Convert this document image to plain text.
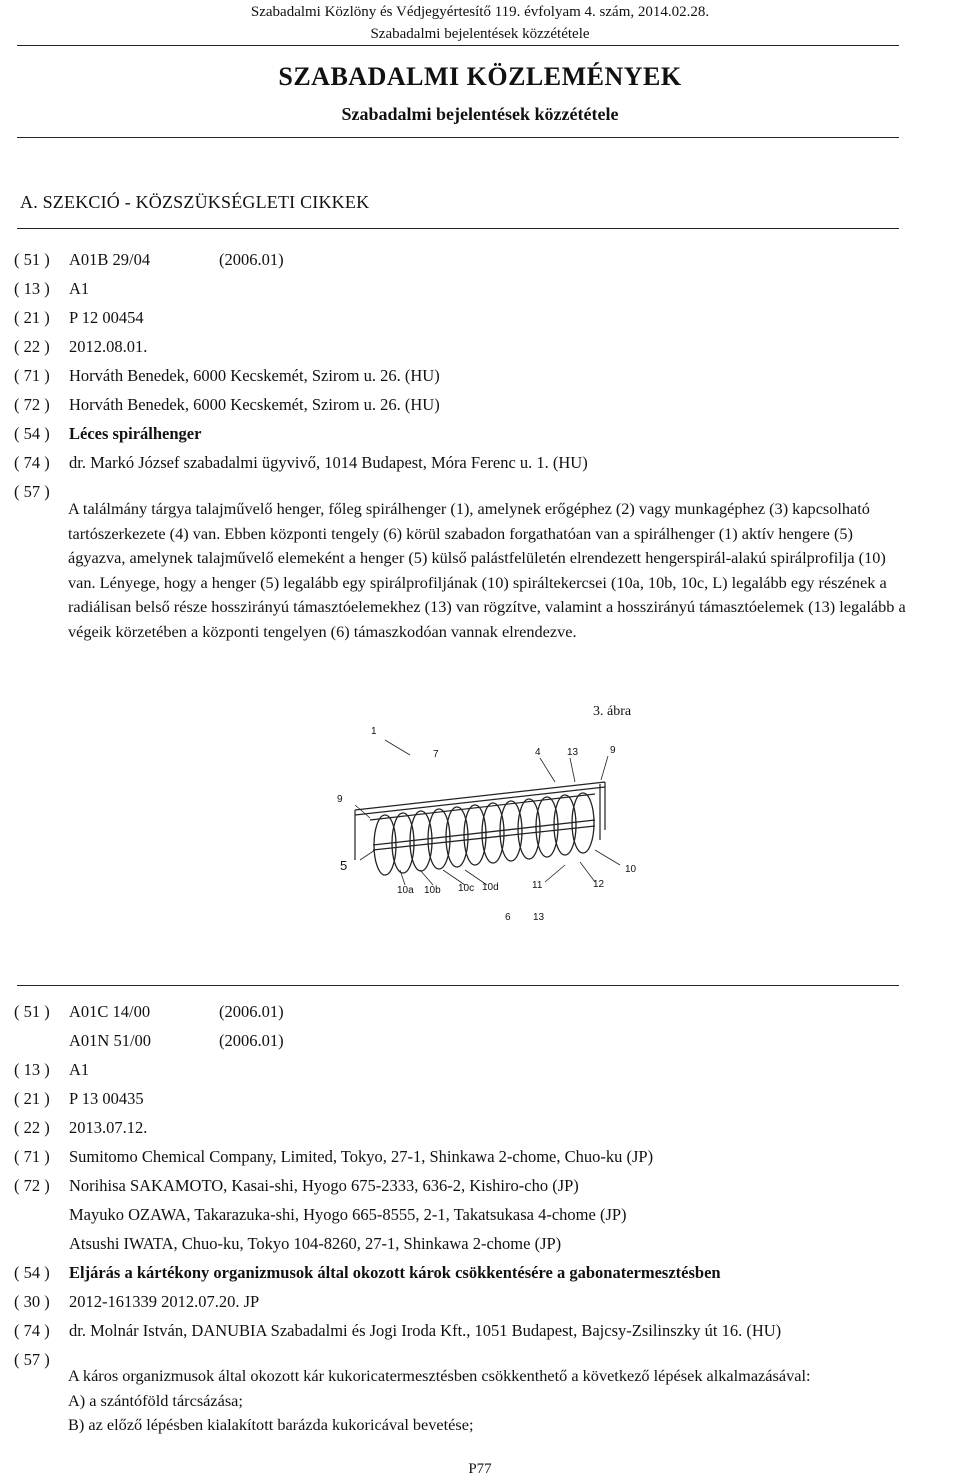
Szabadalmi Közlöny és Védjegyértesítő 119. évfolyam 4. szám, 2014.02.28.
Szabadalmi bejelentések közzététele
SZABADALMI KÖZLEMÉNYEK
Szabadalmi bejelentések közzététele
A. SZEKCIÓ - KÖZSZÜKSÉGLETI CIKKEK
( 51 )	A01B 29/04	(2006.01)
( 13 )	A1
( 21 )	P 12 00454
( 22 )	2012.08.01.
( 71 )	Horváth Benedek, 6000 Kecskemét, Szirom u. 26. (HU)
( 72 )	Horváth Benedek, 6000 Kecskemét, Szirom u. 26. (HU)
( 54 )	Léces spirálhenger
( 74 )	dr. Markó József szabadalmi ügyvivő, 1014 Budapest, Móra Ferenc u. 1. (HU)
( 57 )

A találmány tárgya talajművelő henger, főleg spirálhenger (1), amelynek erőgéphez (2) vagy munkagéphez (3) kapcsolható tartószerkezete (4) van. Ebben központi tengely (6) körül szabadon forgathatóan van a spirálhenger (1) aktív hengere (5) ágyazva, amelynek talajművelő elemeként a henger (5) külső palástfelületén elrendezett hengerspirál-alakú spirálprofilja (10) van. Lényege, hogy a henger (5) legalább egy spirálprofiljának (10) spiráltekercsei (10a, 10b, 10c, L) legalább egy részének a radiálisan belső része hosszirányú támasztóelemekhez (13) van rögzítve, valamint a hosszirányú támasztóelemek (13) legalább a végeik körzetében a központi tengelyen (6) támaszkodóan vannak elrendezve.

3. ábra
1
7	4	13	9
9
5
10a 10b 10c 10d	11	12
10
6 13
( 51 )	A01C 14/00	(2006.01)
A01N 51/00	(2006.01)
( 13 )	A1
( 21 )	P 13 00435
( 22 )	2013.07.12.
( 71 )	Sumitomo Chemical Company, Limited, Tokyo, 27-1, Shinkawa 2-chome, Chuo-ku (JP)
( 72 )	Norihisa SAKAMOTO, Kasai-shi, Hyogo 675-2333, 636-2, Kishiro-cho (JP)
Mayuko OZAWA, Takarazuka-shi, Hyogo 665-8555, 2-1, Takatsukasa 4-chome (JP)
Atsushi IWATA, Chuo-ku, Tokyo 104-8260, 27-1, Shinkawa 2-chome (JP)
( 54 )	Eljárás a kártékony organizmusok által okozott károk csökkentésére a gabonatermesztésben
( 30 )	2012-161339 2012.07.20. JP
( 74 )	dr. Molnár István, DANUBIA Szabadalmi és Jogi Iroda Kft., 1051 Budapest, Bajcsy-Zsilinszky út 16. (HU)
( 57 )

A káros organizmusok által okozott kár kukoricatermesztésben csökkenthető a következő lépések alkalmazásával:

A) a szántóföld tárcsázása;

B) az előző lépésben kialakított barázda kukoricával bevetése;

P77
